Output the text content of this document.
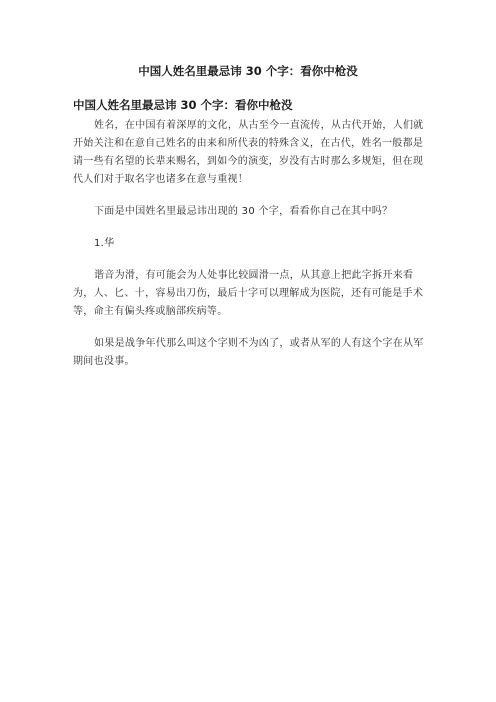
中国人姓名里最忌讳 30 个字：看你中枪没
中国人姓名里最忌讳 30 个字：看你中枪没

姓名，在中国有着深厚的文化，从古至今一直流传，从古代开始，人们就开始关注和在意自己姓名的由来和所代表的特殊含义，在古代，姓名一般都是请一些有名望的长辈来赐名，到如今的演变，岁没有古时那么多规矩，但在现代人们对于取名字也诸多在意与重视！

下面是中国姓名里最忌讳出现的 30 个字，看看你自己在其中吗？

1.华

谐音为滑，有可能会为人处事比较圆滑一点，从其意上把此字拆开来看为，人、匕、十，容易出刀伤，最后十字可以理解成为医院，还有可能是手术等，命主有偏头疼或脑部疾病等。

如果是战争年代那么叫这个字则不为凶了，或者从军的人有这个字在从军期间也没事。
